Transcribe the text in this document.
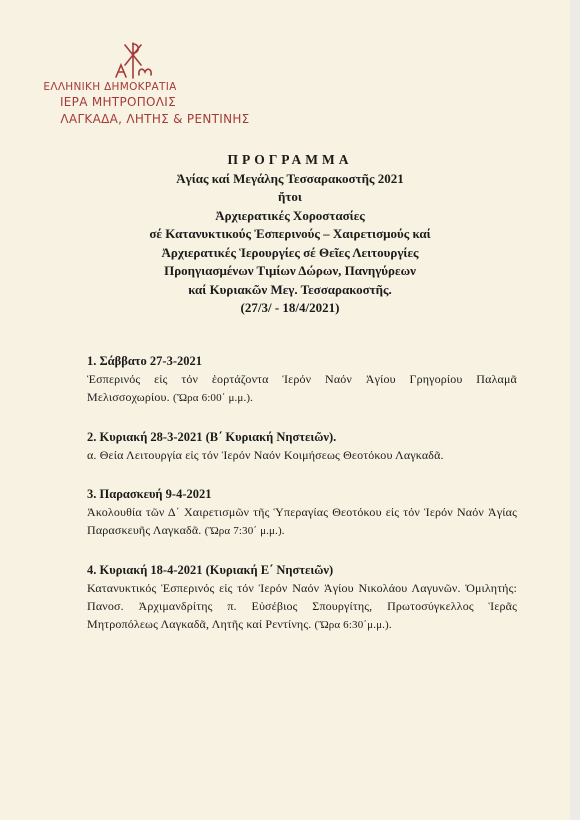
ΕΛΛΗΝΙΚΗ ΔΗΜΟΚΡΑΤΙΑ
ΙΕΡΑ ΜΗΤΡΟΠΟΛΙΣ
ΛΑΓΚΑΔΑ, ΛΗΤΗΣ & ΡΕΝΤΙΝΗΣ
ΠΡΟΓΡΑΜΜΑ
Ἁγίας καί Μεγάλης Τεσσαρακοστῆς 2021
ἤτοι
Ἀρχιερατικές Χοροστασίες
σέ Κατανυκτικούς Ἑσπερινούς – Χαιρετισμούς καί
Ἀρχιερατικές Ἱερουργίες σέ Θεῖες Λειτουργίες
Προηγιασμένων Τιμίων Δώρων, Πανηγύρεων
καί Κυριακῶν Μεγ. Τεσσαρακοστῆς.
(27/3/ - 18/4/2021)
1. Σάββατο 27-3-2021
Ἑσπερινός εἰς τόν ἑορτάζοντα Ἱερόν Ναόν Ἁγίου Γρηγορίου Παλαμᾶ Μελισσοχωρίου. (Ὥρα 6:00΄ μ.μ.).
2. Κυριακή 28-3-2021 (Β΄ Κυριακή Νηστειῶν).
α. Θεία Λειτουργία εἰς τόν Ἱερόν Ναόν Κοιμήσεως Θεοτόκου Λαγκαδᾶ.
3. Παρασκευή 9-4-2021
Ἀκολουθία τῶν Δ΄ Χαιρετισμῶν τῆς Ὑπεραγίας Θεοτόκου εἰς τόν Ἱερόν Ναόν Ἁγίας Παρασκευῆς Λαγκαδᾶ. (Ὥρα 7:30΄ μ.μ.).
4. Κυριακή 18-4-2021 (Κυριακή Ε΄ Νηστειῶν)
Κατανυκτικός Ἑσπερινός εἰς τόν Ἱερόν Ναόν Ἁγίου Νικολάου Λαγυνῶν. Ὁμιλητής: Πανοσ. Ἀρχιμανδρίτης π. Εὐσέβιος Σπουργίτης, Πρωτοσύγκελλος Ἱερᾶς Μητροπόλεως Λαγκαδᾶ, Λητῆς καί Ρεντίνης. (Ὥρα 6:30΄μ.μ.).
